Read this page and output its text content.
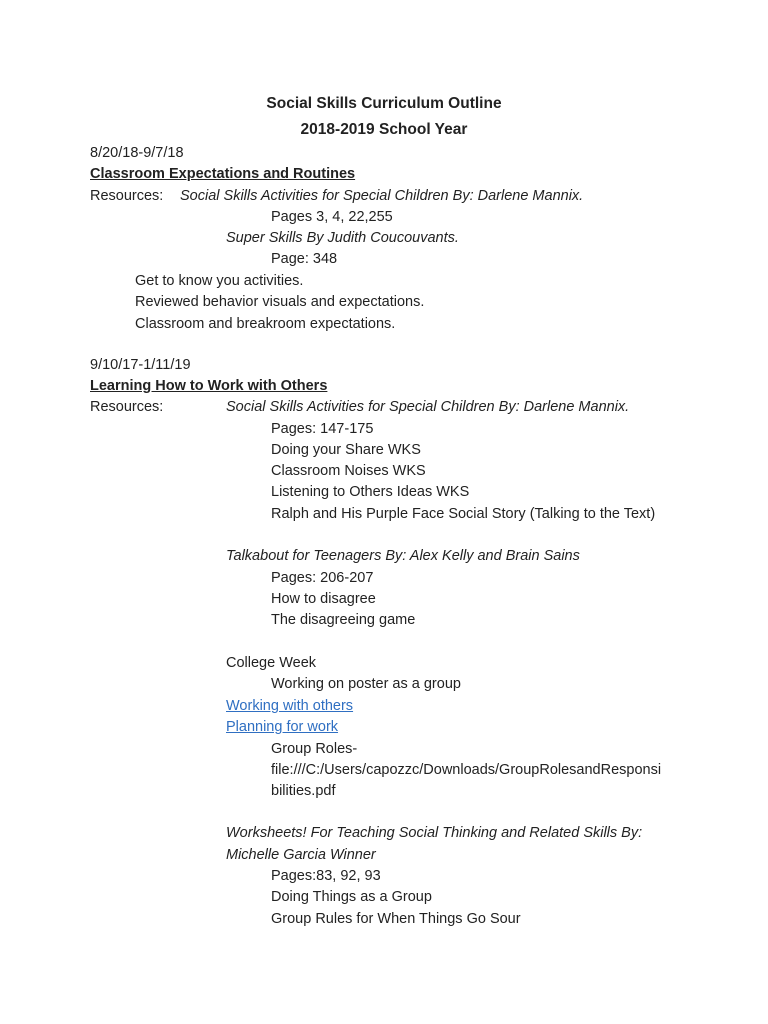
Social Skills Curriculum Outline
2018-2019 School Year
8/20/18-9/7/18
Classroom Expectations and Routines
Resources: Social Skills Activities for Special Children By: Darlene Mannix.
Pages 3, 4, 22,255
Super Skills By Judith Coucouvants.
Page: 348
Get to know you activities.
Reviewed behavior visuals and expectations.
Classroom and breakroom expectations.
9/10/17-1/11/19
Learning How to Work with Others
Resources:	Social Skills Activities for Special Children By: Darlene Mannix.
Pages: 147-175
Doing your Share WKS
Classroom Noises WKS
Listening to Others Ideas WKS
Ralph and His Purple Face Social Story (Talking to the Text)
Talkabout for Teenagers By: Alex Kelly and Brain Sains
Pages: 206-207
How to disagree
The disagreeing game
College Week
Working on poster as a group
Working with others
Planning for work
Group Roles-
file:///C:/Users/capozzc/Downloads/GroupRolesandResponsi
bilities.pdf
Worksheets! For Teaching Social Thinking and Related Skills By:
Michelle Garcia Winner
Pages:83, 92, 93
Doing Things as a Group
Group Rules for When Things Go Sour
